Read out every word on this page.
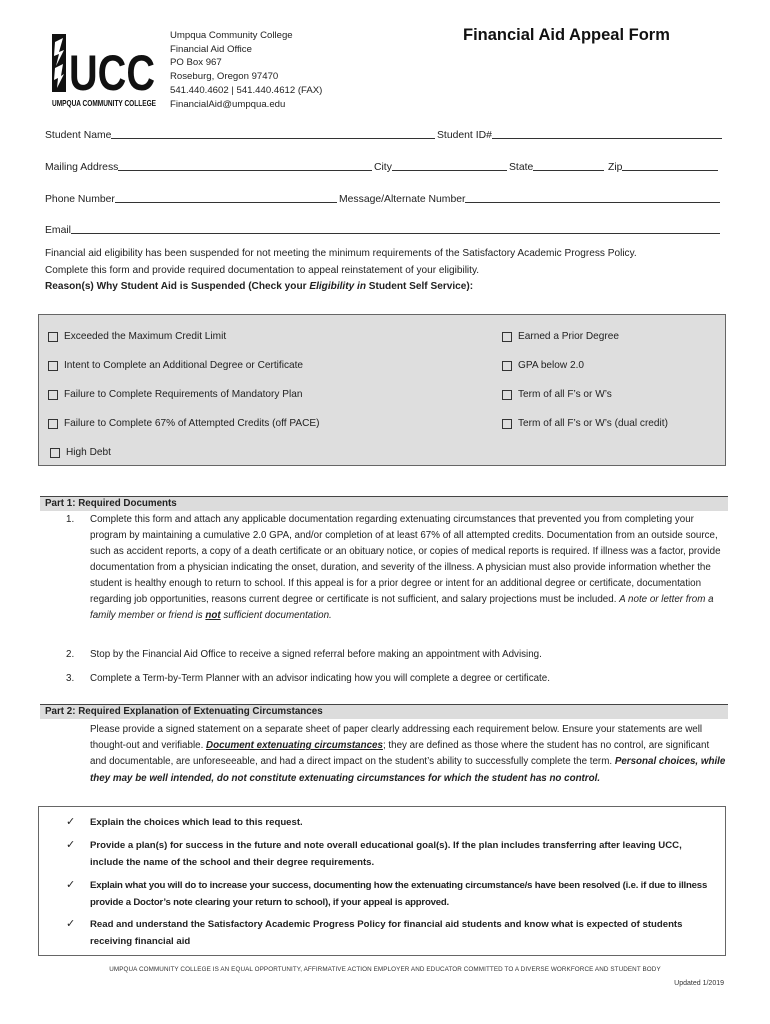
UCC
UMPQUA COMMUNITY COLLEGE
Umpqua Community College
Financial Aid Office
PO Box 967
Roseburg, Oregon 97470
541.440.4602 | 541.440.4612 (FAX)
FinancialAid@umpqua.edu
Financial Aid Appeal Form
Student Name	Student ID#
Mailing Address	City	State	Zip
Phone Number	Message/Alternate Number
Email
Financial aid eligibility has been suspended for not meeting the minimum requirements of the Satisfactory Academic Progress Policy.
Complete this form and provide required documentation to appeal reinstatement of your eligibility.
Reason(s) Why Student Aid is Suspended (Check your Eligibility in Student Self Service):
Exceeded the Maximum Credit Limit	Earned a Prior Degree
Intent to Complete an Additional Degree or Certificate	GPA below 2.0
Failure to Complete Requirements of Mandatory Plan	Term of all F’s or W’s
Failure to Complete 67% of Attempted Credits (off PACE)	Term of all F’s or W’s (dual credit)
High Debt
Part 1: Required Documents
1. Complete this form and attach any applicable documentation regarding extenuating circumstances that prevented you from completing your program by maintaining a cumulative 2.0 GPA, and/or completion of at least 67% of all attempted credits. Documentation from an outside source, such as accident reports, a copy of a death certificate or an obituary notice, or copies of medical reports is required. If illness was a factor, provide documentation from a physician indicating the onset, duration, and severity of the illness. A physician must also provide information whether the student is healthy enough to return to school. If this appeal is for a prior degree or intent for an additional degree or certificate, documentation regarding job opportunities, reasons current degree or certificate is not sufficient, and salary projections must be included. A note or letter from a family member or friend is not sufficient documentation.
2. Stop by the Financial Aid Office to receive a signed referral before making an appointment with Advising.
3. Complete a Term-by-Term Planner with an advisor indicating how you will complete a degree or certificate.
Part 2: Required Explanation of Extenuating Circumstances
Please provide a signed statement on a separate sheet of paper clearly addressing each requirement below. Ensure your statements are well thought-out and verifiable. Document extenuating circumstances; they are defined as those where the student has no control, are significant and documentable, are unforeseeable, and had a direct impact on the student’s ability to successfully complete the term. Personal choices, while they may be well intended, do not constitute extenuating circumstances for which the student has no control.
✓ Explain the choices which lead to this request.
✓ Provide a plan(s) for success in the future and note overall educational goal(s). If the plan includes transferring after leaving UCC, include the name of the school and their degree requirements.
✓ Explain what you will do to increase your success, documenting how the extenuating circumstance/s have been resolved (i.e. if due to illness provide a Doctor’s note clearing your return to school), if your appeal is approved.
✓ Read and understand the Satisfactory Academic Progress Policy for financial aid students and know what is expected of students receiving financial aid
UMPQUA COMMUNITY COLLEGE IS AN EQUAL OPPORTUNITY, AFFIRMATIVE ACTION EMPLOYER AND EDUCATOR COMMITTED TO A DIVERSE WORKFORCE AND STUDENT BODY
Updated 1/2019
